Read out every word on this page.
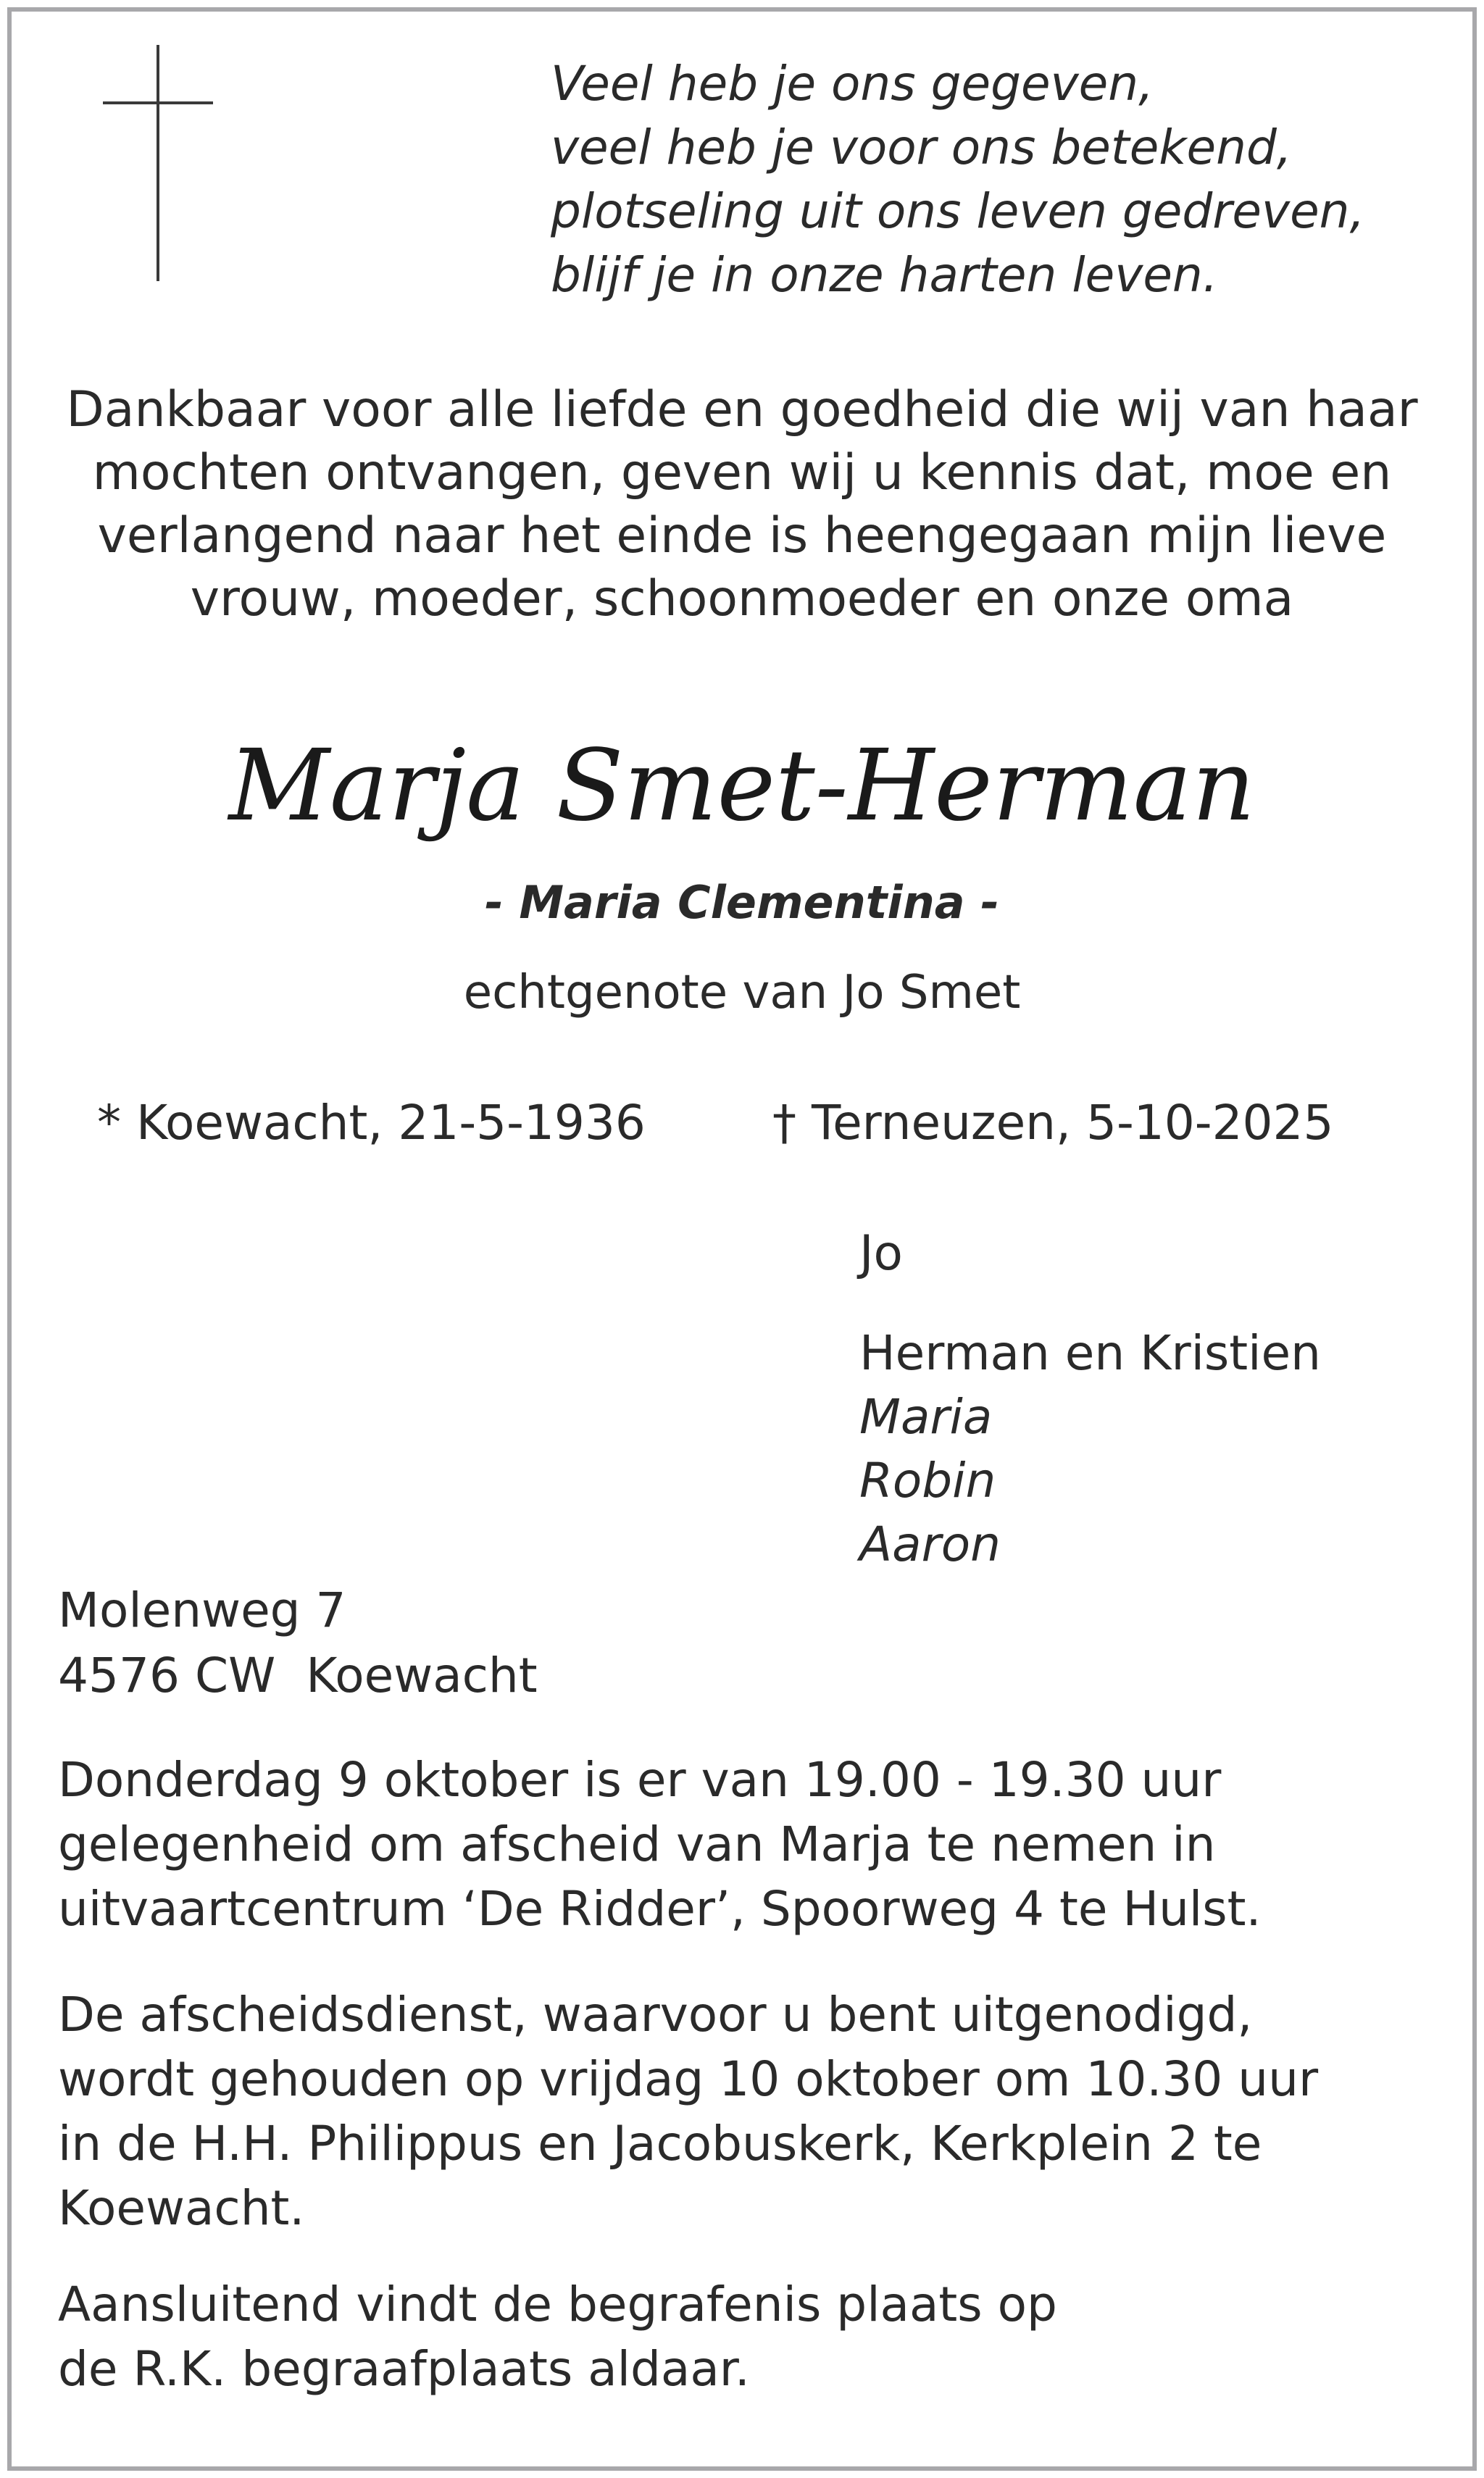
Veel heb je ons gegeven,
veel heb je voor ons betekend,
plotseling uit ons leven gedreven,
blijf je in onze harten leven.
Dankbaar voor alle liefde en goedheid die wij van haar
mochten ontvangen, geven wij u kennis dat, moe en
verlangend naar het einde is heengegaan mijn lieve
vrouw, moeder, schoonmoeder en onze oma
Marja Smet-Herman
- Maria Clementina -
echtgenote van Jo Smet
* Koewacht, 21-5-1936	† Terneuzen, 5-10-2025
Jo
Herman en Kristien
Maria
Robin
Aaron
Molenweg 7
4576 CW  Koewacht
Donderdag 9 oktober is er van 19.00 - 19.30 uur
gelegenheid om afscheid van Marja te nemen in
uitvaartcentrum ‘De Ridder’, Spoorweg 4 te Hulst.
De afscheidsdienst, waarvoor u bent uitgenodigd,
wordt gehouden op vrijdag 10 oktober om 10.30 uur
in de H.H. Philippus en Jacobuskerk, Kerkplein 2 te
Koewacht.
Aansluitend vindt de begrafenis plaats op
de R.K. begraafplaats aldaar.
